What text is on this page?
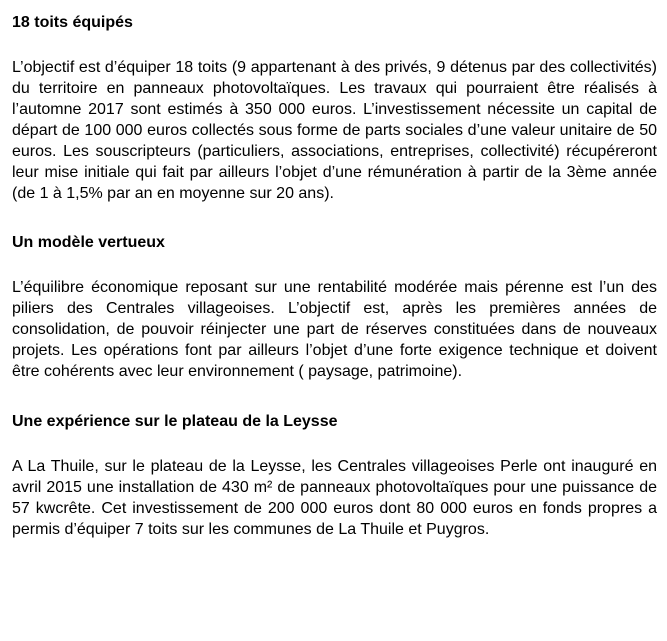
18 toits équipés

L’objectif est d’équiper 18 toits (9 appartenant à des privés, 9 détenus par des collectivités) du territoire en panneaux photovoltaïques. Les travaux qui pourraient être réalisés à l’automne 2017 sont estimés à 350 000 euros. L’investissement nécessite un capital de départ de 100 000 euros collectés sous forme de parts sociales d’une valeur unitaire de 50 euros. Les souscripteurs (particuliers, associations, entreprises, collectivité) récupéreront leur mise initiale qui fait par ailleurs l’objet d’une rémunération à partir de la 3ème année (de 1 à 1,5% par an en moyenne sur 20 ans).

Un modèle vertueux

L’équilibre économique reposant sur une rentabilité modérée mais pérenne est l’un des piliers des Centrales villageoises. L’objectif est, après les premières années de consolidation, de pouvoir réinjecter une part de réserves constituées dans de nouveaux projets. Les opérations font par ailleurs l’objet d’une forte exigence technique et doivent être cohérents avec leur environnement ( paysage, patrimoine).

Une expérience sur le plateau de la Leysse

A La Thuile, sur le plateau de la Leysse, les Centrales villageoises Perle ont inauguré en avril 2015 une installation de 430 m² de panneaux photovoltaïques pour une puissance de 57 kwcrête. Cet investissement de 200 000 euros dont 80 000 euros en fonds propres a permis d’équiper 7 toits sur les communes de La Thuile et Puygros.
